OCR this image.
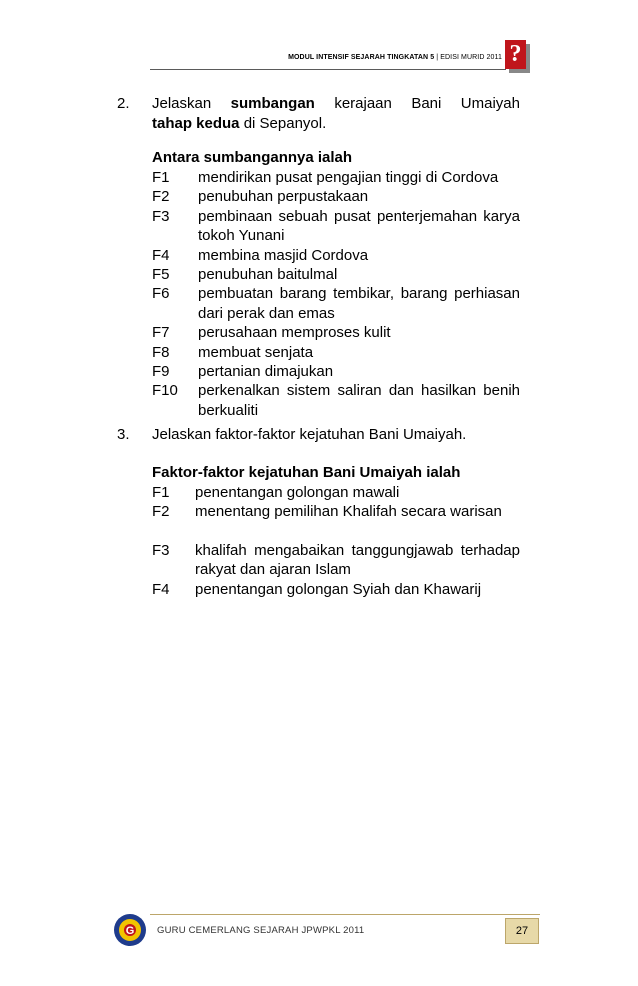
MODUL INTENSIF SEJARAH TINGKATAN 5 | EDISI MURID 2011 ?
2. Jelaskan sumbangan kerajaan Bani Umaiyah
tahap kedua di Sepanyol.
Antara sumbangannya ialah
F1 mendirikan pusat pengajian tinggi di Cordova
F2 penubuhan perpustakaan
F3 pembinaan sebuah pusat penterjemahan karya tokoh Yunani
F4 membina masjid Cordova
F5 penubuhan baitulmal
F6 pembuatan barang tembikar, barang perhiasan dari perak dan emas
F7 perusahaan memproses kulit
F8 membuat senjata
F9 pertanian dimajukan
F10 perkenalkan sistem saliran dan hasilkan benih berkualiti
3. Jelaskan faktor-faktor kejatuhan Bani Umaiyah.
Faktor-faktor kejatuhan Bani Umaiyah ialah
F1 penentangan golongan mawali
F2 menentang pemilihan Khalifah secara warisan
F3 khalifah mengabaikan tanggungjawab terhadap rakyat dan ajaran Islam
F4 penentangan golongan Syiah dan Khawarij
G GURU CEMERLANG SEJARAH JPWPKL 2011	27
